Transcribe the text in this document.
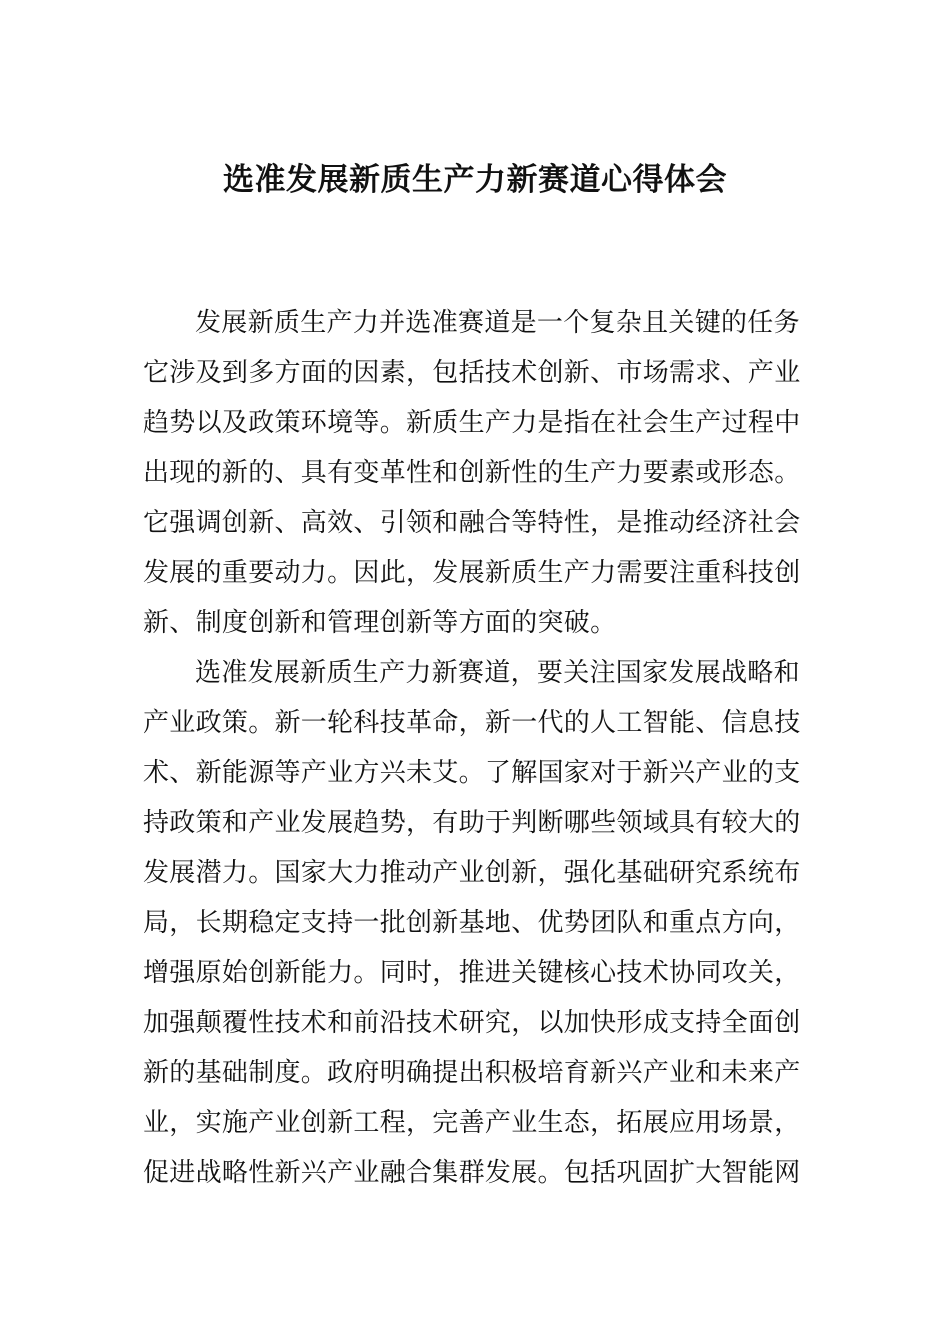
选准发展新质生产力新赛道心得体会
发展新质生产力并选准赛道是一个复杂且关键的任务
它涉及到多方面的因素，包括技术创新、市场需求、产业
趋势以及政策环境等。新质生产力是指在社会生产过程中
出现的新的、具有变革性和创新性的生产力要素或形态。
它强调创新、高效、引领和融合等特性，是推动经济社会
发展的重要动力。因此，发展新质生产力需要注重科技创
新、制度创新和管理创新等方面的突破。
选准发展新质生产力新赛道，要关注国家发展战略和
产业政策。新一轮科技革命，新一代的人工智能、信息技
术、新能源等产业方兴未艾。了解国家对于新兴产业的支
持政策和产业发展趋势，有助于判断哪些领域具有较大的
发展潜力。国家大力推动产业创新，强化基础研究系统布
局，长期稳定支持一批创新基地、优势团队和重点方向，
增强原始创新能力。同时，推进关键核心技术协同攻关，
加强颠覆性技术和前沿技术研究，以加快形成支持全面创
新的基础制度。政府明确提出积极培育新兴产业和未来产
业，实施产业创新工程，完善产业生态，拓展应用场景，
促进战略性新兴产业融合集群发展。包括巩固扩大智能网
